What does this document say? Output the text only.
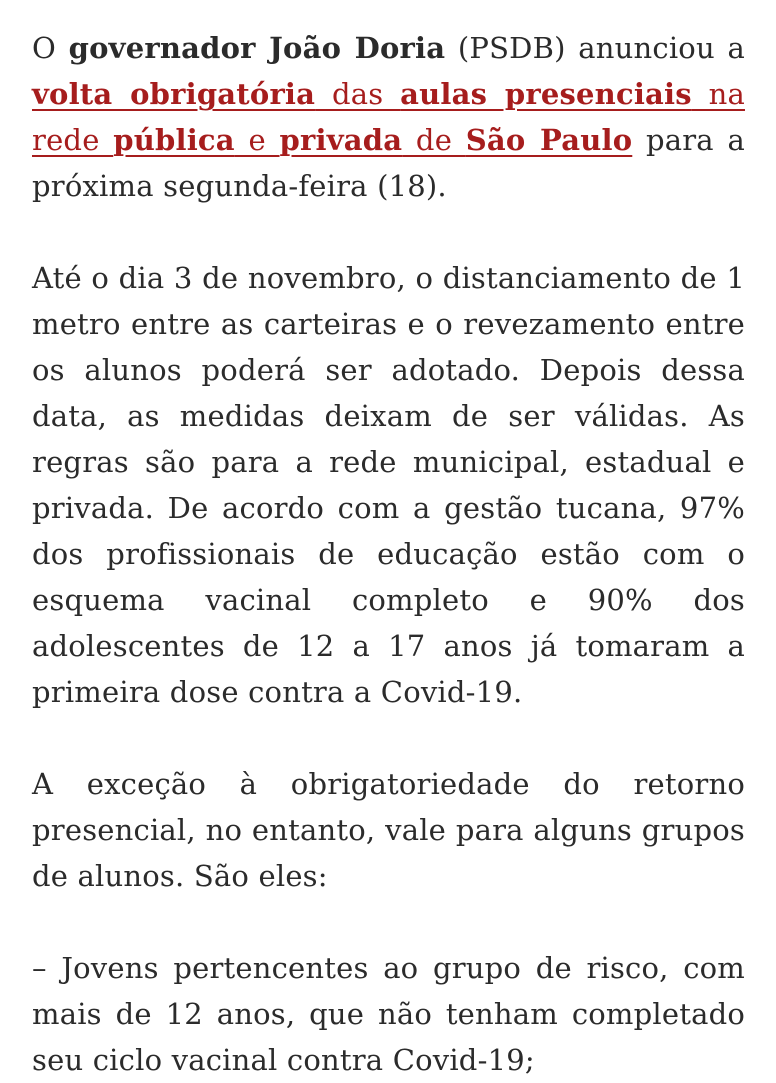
O governador João Doria (PSDB) anunciou a volta obrigatória das aulas presenciais na rede pública e privada de São Paulo para a próxima segunda-feira (18).

Até o dia 3 de novembro, o distanciamento de 1 metro entre as carteiras e o revezamento entre os alunos poderá ser adotado. Depois dessa data, as medidas deixam de ser válidas. As regras são para a rede municipal, estadual e privada. De acordo com a gestão tucana, 97% dos profissionais de educação estão com o esquema vacinal completo e 90% dos adolescentes de 12 a 17 anos já tomaram a primeira dose contra a Covid-19.

A exceção à obrigatoriedade do retorno presencial, no entanto, vale para alguns grupos de alunos. São eles:

– Jovens pertencentes ao grupo de risco, com mais de 12 anos, que não tenham completado seu ciclo vacinal contra Covid-19;
